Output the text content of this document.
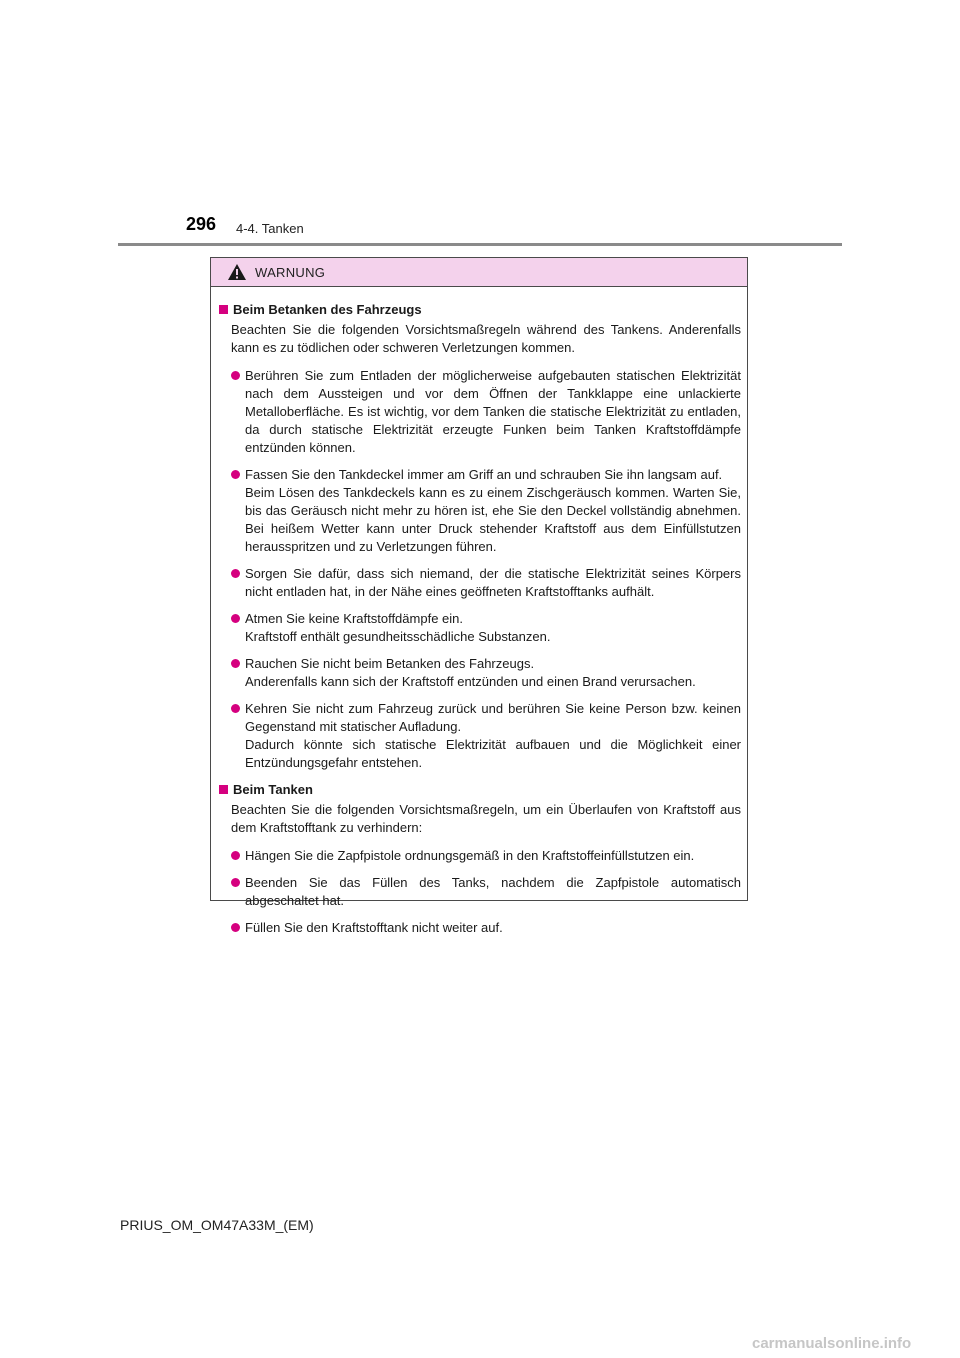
296 4-4. Tanken
WARNUNG
Beim Betanken des Fahrzeugs
Beachten Sie die folgenden Vorsichtsmaßregeln während des Tankens. Anderenfalls kann es zu tödlichen oder schweren Verletzungen kommen.
Berühren Sie zum Entladen der möglicherweise aufgebauten statischen Elektrizität nach dem Aussteigen und vor dem Öffnen der Tankklappe eine unlackierte Metalloberfläche. Es ist wichtig, vor dem Tanken die statische Elektrizität zu entladen, da durch statische Elektrizität erzeugte Funken beim Tanken Kraftstoffdämpfe entzünden können.
Fassen Sie den Tankdeckel immer am Griff an und schrauben Sie ihn langsam auf.
Beim Lösen des Tankdeckels kann es zu einem Zischgeräusch kommen. Warten Sie, bis das Geräusch nicht mehr zu hören ist, ehe Sie den Deckel vollständig abnehmen. Bei heißem Wetter kann unter Druck stehender Kraftstoff aus dem Einfüllstutzen herausspritzen und zu Verletzungen führen.
Sorgen Sie dafür, dass sich niemand, der die statische Elektrizität seines Körpers nicht entladen hat, in der Nähe eines geöffneten Kraftstofftanks aufhält.
Atmen Sie keine Kraftstoffdämpfe ein.
Kraftstoff enthält gesundheitsschädliche Substanzen.
Rauchen Sie nicht beim Betanken des Fahrzeugs.
Anderenfalls kann sich der Kraftstoff entzünden und einen Brand verursachen.
Kehren Sie nicht zum Fahrzeug zurück und berühren Sie keine Person bzw. keinen Gegenstand mit statischer Aufladung.
Dadurch könnte sich statische Elektrizität aufbauen und die Möglichkeit einer Entzündungsgefahr entstehen.
Beim Tanken
Beachten Sie die folgenden Vorsichtsmaßregeln, um ein Überlaufen von Kraftstoff aus dem Kraftstofftank zu verhindern:
Hängen Sie die Zapfpistole ordnungsgemäß in den Kraftstoffeinfüllstutzen ein.
Beenden Sie das Füllen des Tanks, nachdem die Zapfpistole automatisch abgeschaltet hat.
Füllen Sie den Kraftstofftank nicht weiter auf.
PRIUS_OM_OM47A33M_(EM)
carmanualsonline.info
